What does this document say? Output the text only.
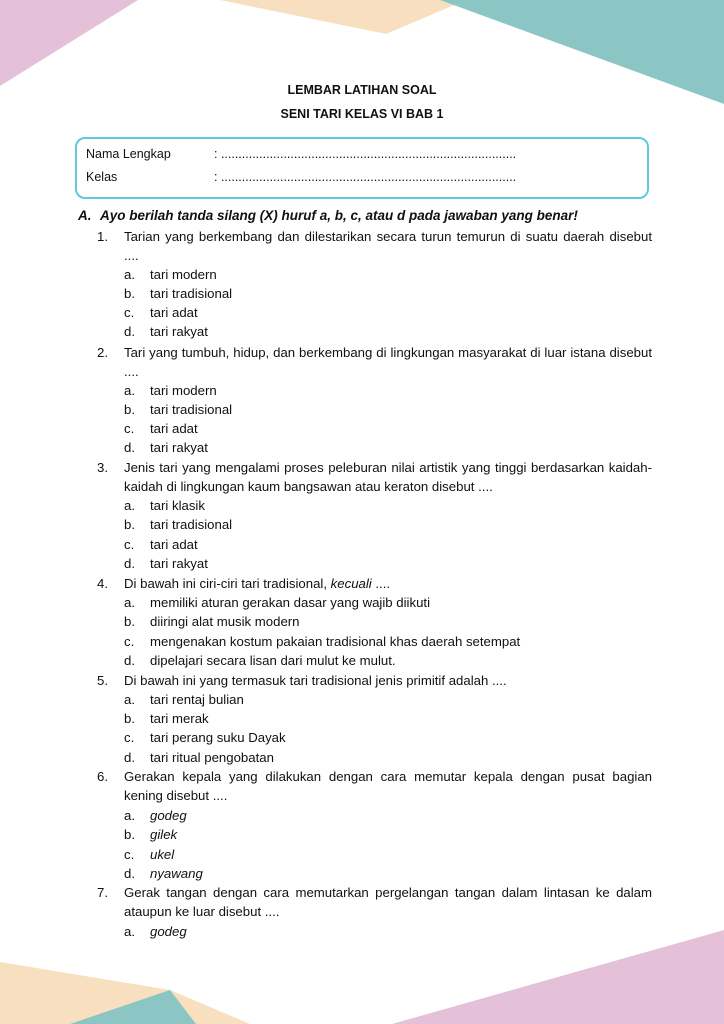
LEMBAR LATIHAN SOAL
SENI TARI KELAS VI BAB 1
Nama Lengkap	: .....................................................................................
Kelas	: .....................................................................................
A. Ayo berilah tanda silang (X) huruf a, b, c, atau d pada jawaban yang benar!
1. Tarian yang berkembang dan dilestarikan secara turun temurun di suatu daerah disebut ....
a. tari modern
b. tari tradisional
c. tari adat
d. tari rakyat
2. Tari yang tumbuh, hidup, dan berkembang di lingkungan masyarakat di luar istana disebut ....
a. tari modern
b. tari tradisional
c. tari adat
d. tari rakyat
3. Jenis tari yang mengalami proses peleburan nilai artistik yang tinggi berdasarkan kaidah-kaidah di lingkungan kaum bangsawan atau keraton disebut ....
a. tari klasik
b. tari tradisional
c. tari adat
d. tari rakyat
4. Di bawah ini ciri-ciri tari tradisional, kecuali ....
a. memiliki aturan gerakan dasar yang wajib diikuti
b. diiringi alat musik modern
c. mengenakan kostum pakaian tradisional khas daerah setempat
d. dipelajari secara lisan dari mulut ke mulut.
5. Di bawah ini yang termasuk tari tradisional jenis primitif adalah ....
a. tari rentaj bulian
b. tari merak
c. tari perang suku Dayak
d. tari ritual pengobatan
6. Gerakan kepala yang dilakukan dengan cara memutar kepala dengan pusat bagian kening disebut ....
a. godeg
b. gilek
c. ukel
d. nyawang
7. Gerak tangan dengan cara memutarkan pergelangan tangan dalam lintasan ke dalam ataupun ke luar disebut ....
a. godeg
